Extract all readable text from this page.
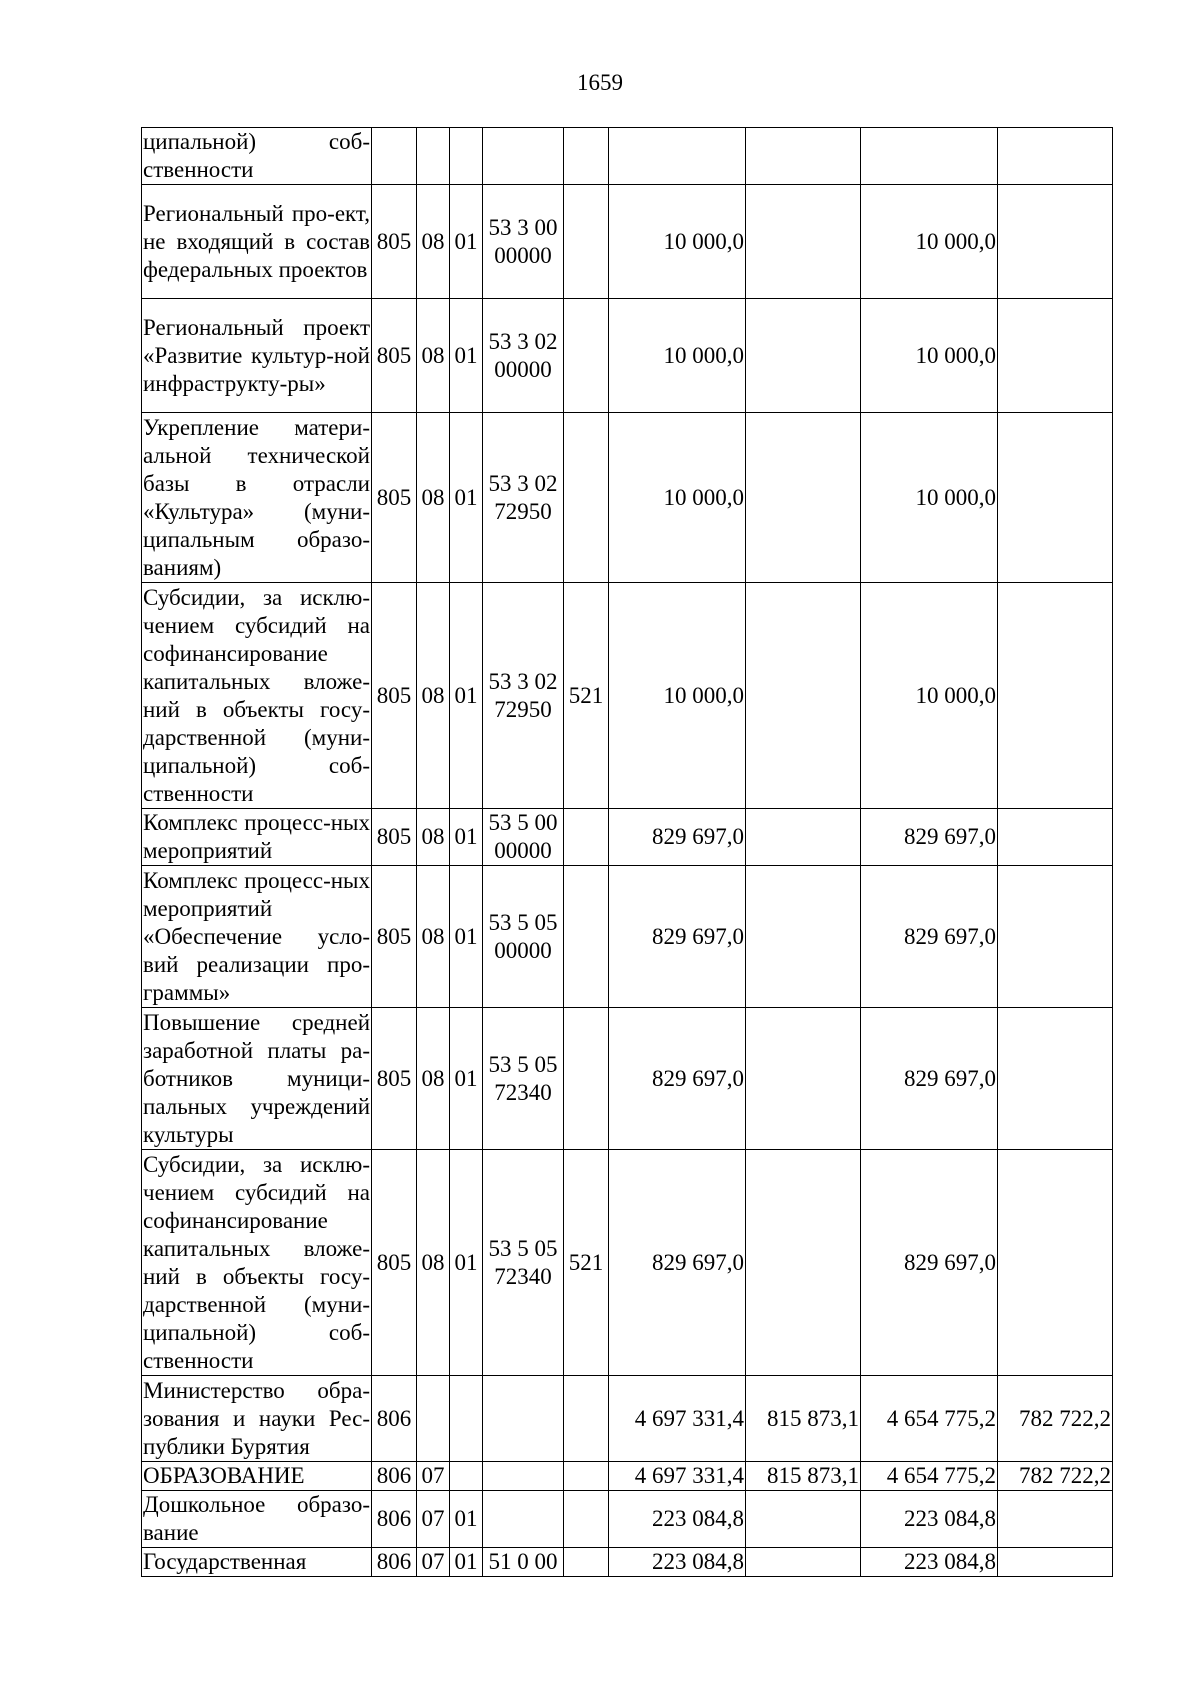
1659
ципальной) соб-ственности									
Региональный про-ект, не входящий в состав федеральных проектов	805	08	01	53 3 00 00000		10 000,0		10 000,0	
Региональный проект «Развитие культур-ной инфраструкту-ры»	805	08	01	53 3 02 00000		10 000,0		10 000,0	
Укрепление матери-альной технической базы в отрасли «Культура» (муни-ципальным образо-ваниям)	805	08	01	53 3 02 72950		10 000,0		10 000,0	
Субсидии, за исклю-чением субсидий на софинансирование капитальных вложе-ний в объекты госу-дарственной (муни-ципальной) соб-ственности	805	08	01	53 3 02 72950	521	10 000,0		10 000,0	
Комплекс процесс-ных мероприятий	805	08	01	53 5 00 00000		829 697,0		829 697,0	
Комплекс процесс-ных мероприятий «Обеспечение усло-вий реализации про-граммы»	805	08	01	53 5 05 00000		829 697,0		829 697,0	
Повышение средней заработной платы ра-ботников муници-пальных учреждений культуры	805	08	01	53 5 05 72340		829 697,0		829 697,0	
Субсидии, за исклю-чением субсидий на софинансирование капитальных вложе-ний в объекты госу-дарственной (муни-ципальной) соб-ственности	805	08	01	53 5 05 72340	521	829 697,0		829 697,0	
Министерство обра-зования и науки Рес-публики Бурятия	806					4 697 331,4	815 873,1	4 654 775,2	782 722,2
ОБРАЗОВАНИЕ	806	07				4 697 331,4	815 873,1	4 654 775,2	782 722,2
Дошкольное образо-вание	806	07	01			223 084,8		223 084,8	
Государственная	806	07	01	51 0 00		223 084,8		223 084,8	
